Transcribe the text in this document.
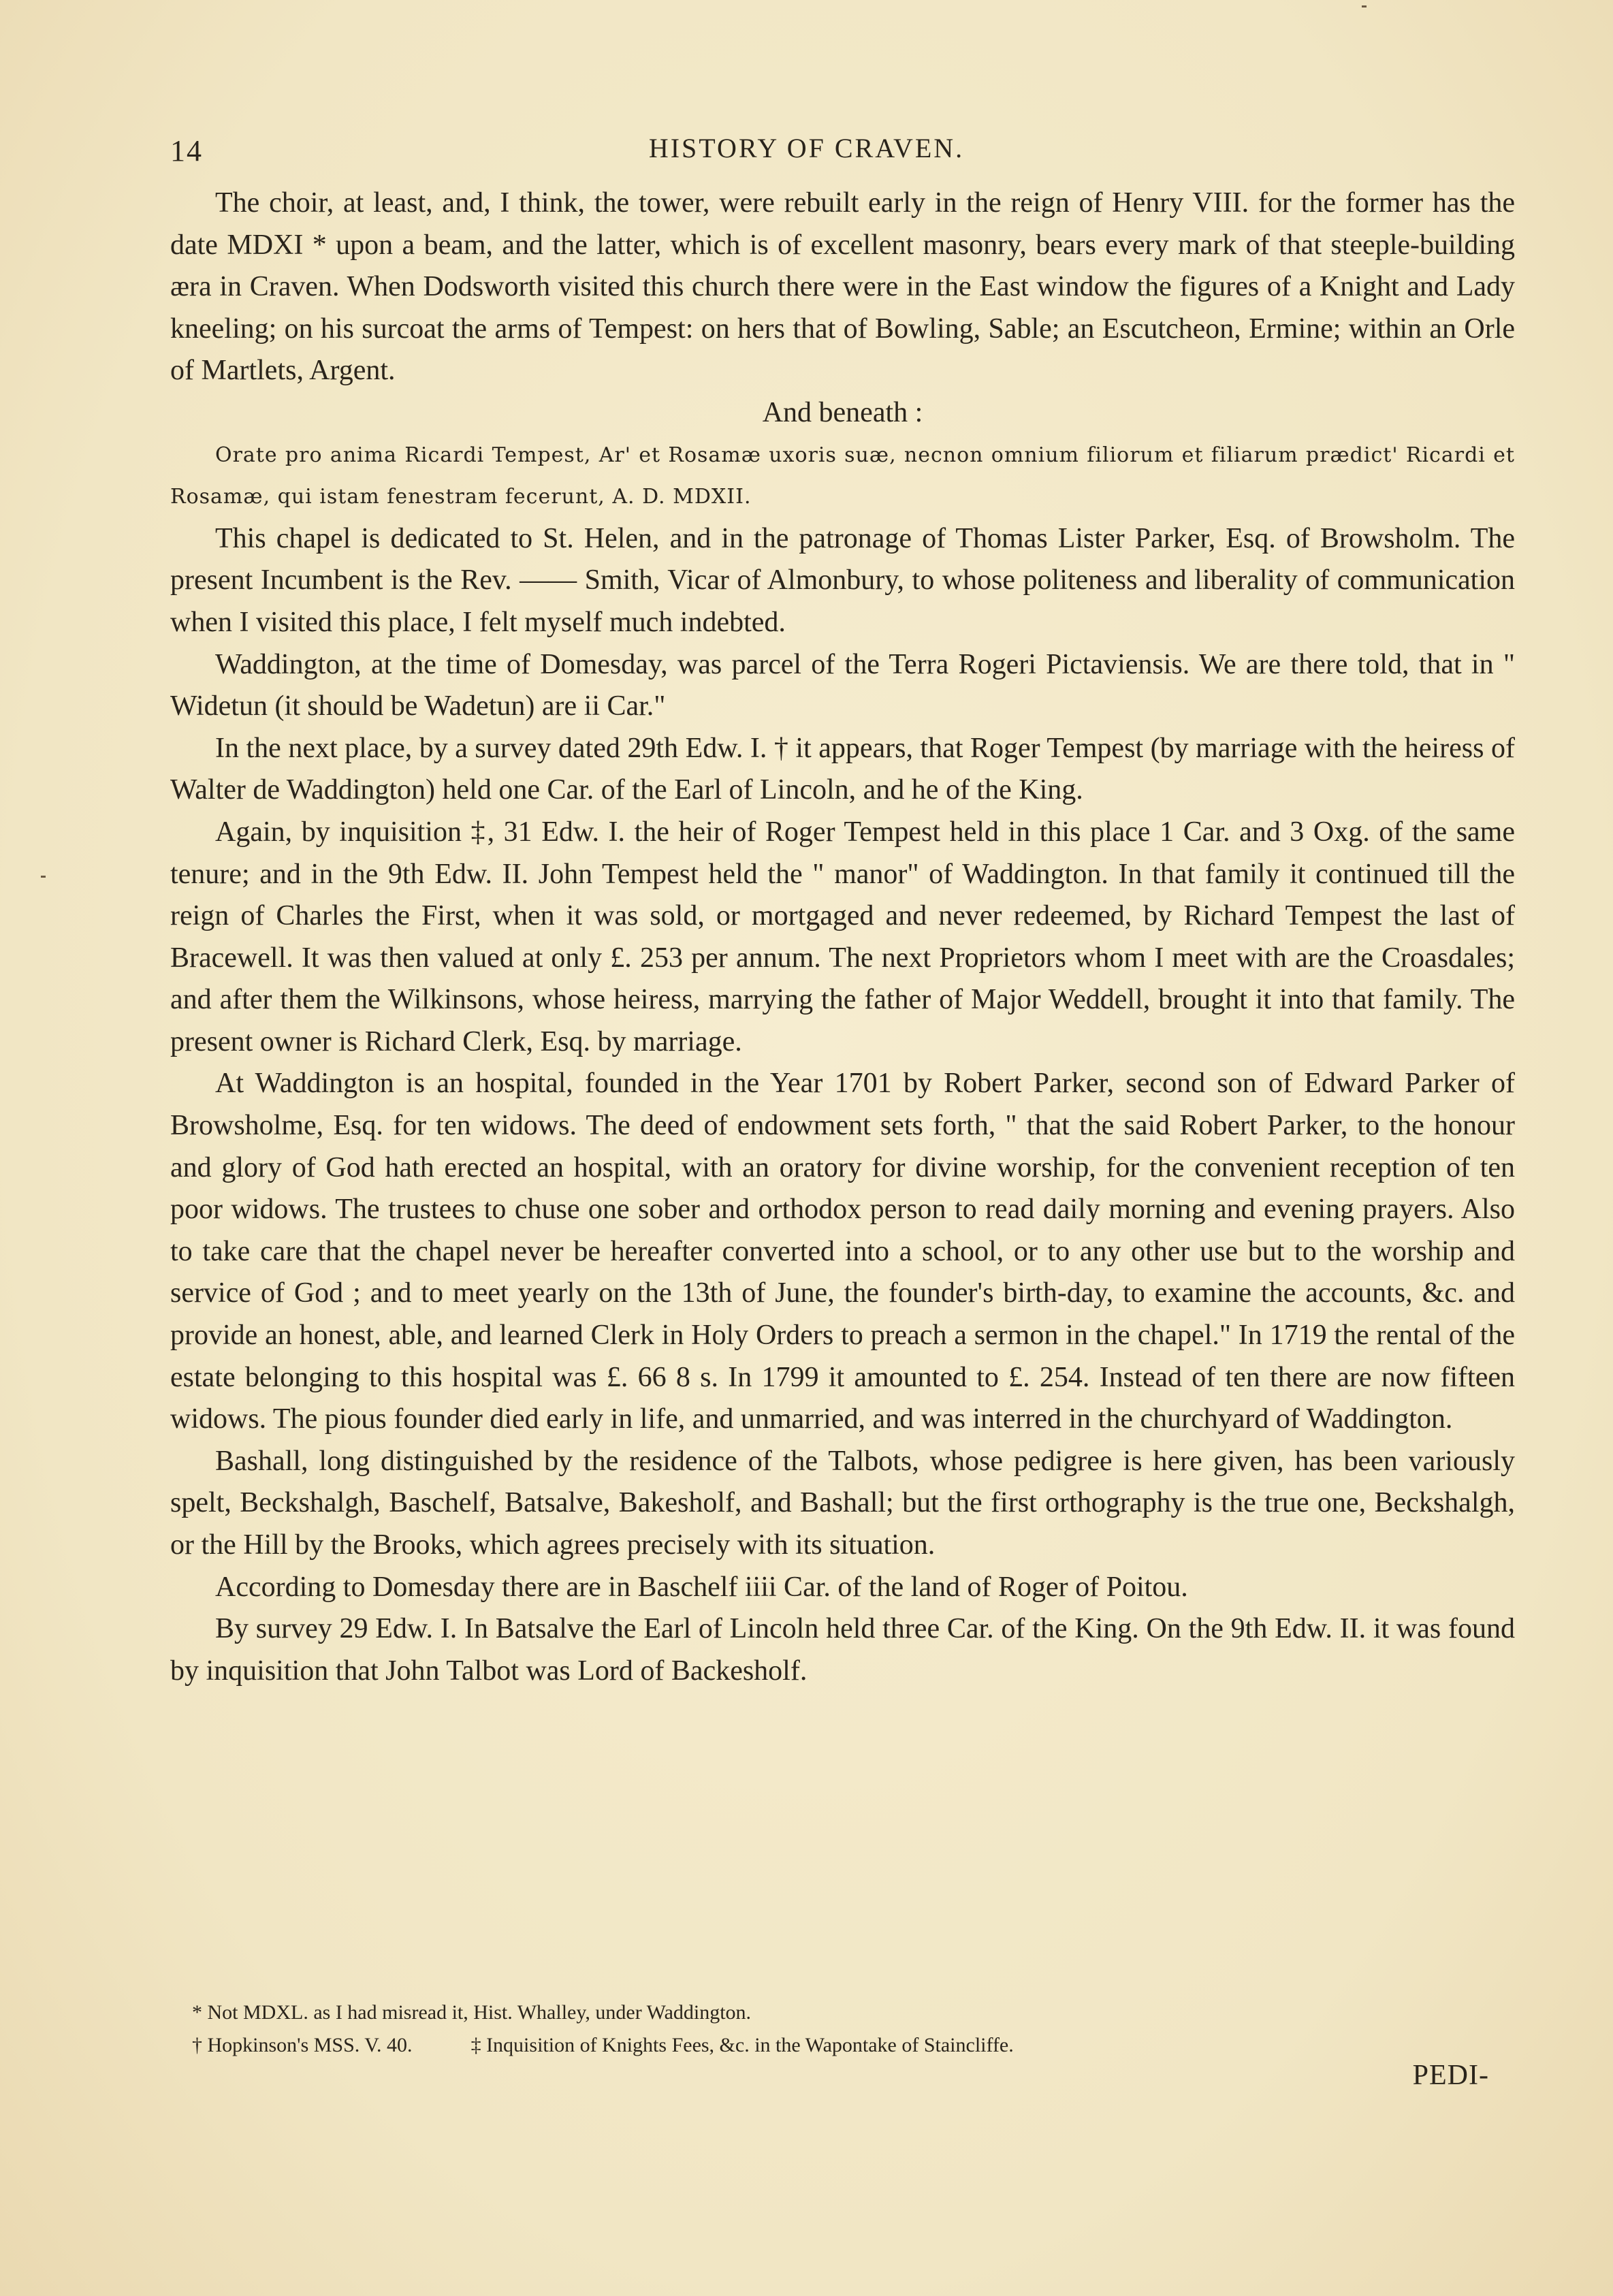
14	HISTORY OF CRAVEN.

The choir, at least, and, I think, the tower, were rebuilt early in the reign of Henry VIII. for the former has the date MDXI * upon a beam, and the latter, which is of excellent masonry, bears every mark of that steeple-building æra in Craven. When Dodsworth visited this church there were in the East window the figures of a Knight and Lady kneeling; on his surcoat the arms of Tempest: on hers that of Bowling, Sable; an Escutcheon, Ermine; within an Orle of Martlets, Argent.

And beneath :

Orate pro anima Ricardi Tempest, Ar' et Rosamæ uxoris suæ, necnon omnium filiorum et filiarum prædict' Ricardi et Rosamæ, qui istam fenestram fecerunt, A. D. MDXII.

This chapel is dedicated to St. Helen, and in the patronage of Thomas Lister Parker, Esq. of Browsholm. The present Incumbent is the Rev. —— Smith, Vicar of Almonbury, to whose politeness and liberality of communication when I visited this place, I felt myself much indebted.

Waddington, at the time of Domesday, was parcel of the Terra Rogeri Pictaviensis. We are there told, that in " Widetun (it should be Wadetun) are ii Car."

In the next place, by a survey dated 29th Edw. I. † it appears, that Roger Tempest (by marriage with the heiress of Walter de Waddington) held one Car. of the Earl of Lincoln, and he of the King.

Again, by inquisition ‡, 31 Edw. I. the heir of Roger Tempest held in this place 1 Car. and 3 Oxg. of the same tenure; and in the 9th Edw. II. John Tempest held the " manor" of Waddington. In that family it continued till the reign of Charles the First, when it was sold, or mortgaged and never redeemed, by Richard Tempest the last of Bracewell. It was then valued at only £. 253 per annum. The next Proprietors whom I meet with are the Croasdales; and after them the Wilkinsons, whose heiress, marrying the father of Major Weddell, brought it into that family. The present owner is Richard Clerk, Esq. by marriage.

At Waddington is an hospital, founded in the Year 1701 by Robert Parker, second son of Edward Parker of Browsholme, Esq. for ten widows. The deed of endowment sets forth, " that the said Robert Parker, to the honour and glory of God hath erected an hospital, with an oratory for divine worship, for the convenient reception of ten poor widows. The trustees to chuse one sober and orthodox person to read daily morning and evening prayers. Also to take care that the chapel never be hereafter converted into a school, or to any other use but to the worship and service of God ; and to meet yearly on the 13th of June, the founder's birth-day, to examine the accounts, &c. and provide an honest, able, and learned Clerk in Holy Orders to preach a sermon in the chapel." In 1719 the rental of the estate belonging to this hospital was £. 66 8 s. In 1799 it amounted to £. 254. Instead of ten there are now fifteen widows. The pious founder died early in life, and unmarried, and was interred in the churchyard of Waddington.

Bashall, long distinguished by the residence of the Talbots, whose pedigree is here given, has been variously spelt, Beckshalgh, Baschelf, Batsalve, Bakesholf, and Bashall; but the first orthography is the true one, Beckshalgh, or the Hill by the Brooks, which agrees precisely with its situation.

According to Domesday there are in Baschelf iiii Car. of the land of Roger of Poitou.

By survey 29 Edw. I. In Batsalve the Earl of Lincoln held three Car. of the King. On the 9th Edw. II. it was found by inquisition that John Talbot was Lord of Backesholf.

* Not MDXL. as I had misread it, Hist. Whalley, under Waddington.
† Hopkinson's MSS. V. 40.	‡ Inquisition of Knights Fees, &c. in the Wapontake of Staincliffe.
PEDI-
